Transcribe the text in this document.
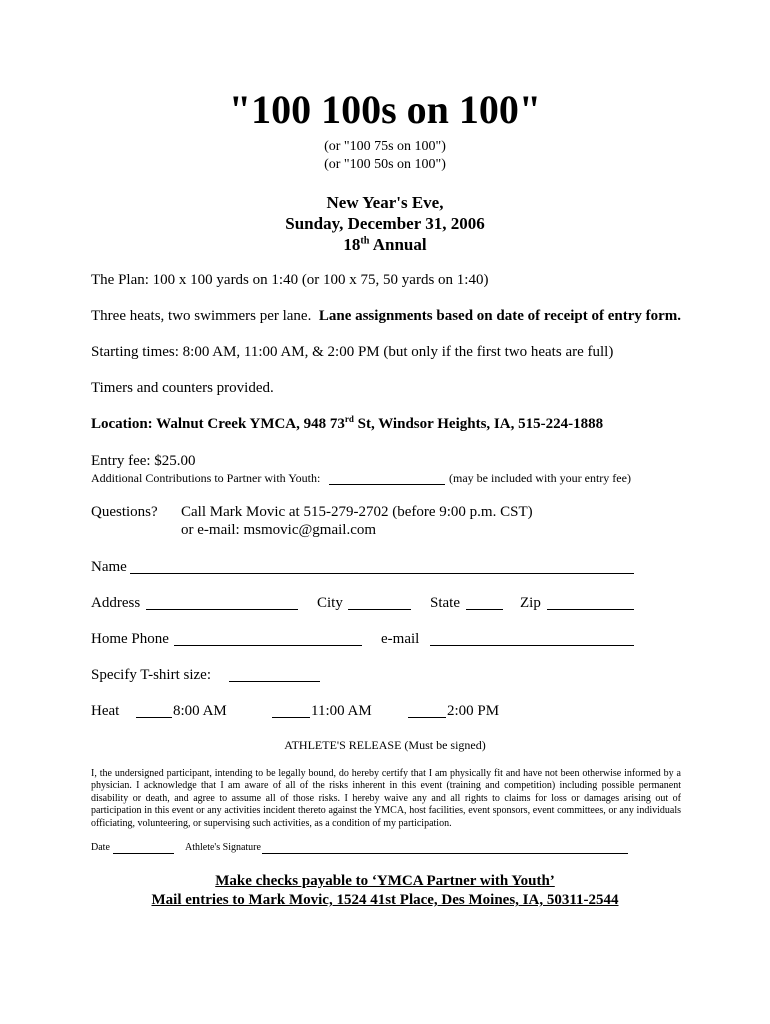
"100 100s on 100"
(or "100 75s on 100")
(or "100 50s on 100")
New Year's Eve,
Sunday, December 31, 2006
18th Annual
The Plan: 100 x 100 yards on 1:40 (or 100 x 75, 50 yards on 1:40)
Three heats, two swimmers per lane. Lane assignments based on date of receipt of entry form.
Starting times: 8:00 AM, 11:00 AM, & 2:00 PM (but only if the first two heats are full)
Timers and counters provided.
Location: Walnut Creek YMCA, 948 73rd St, Windsor Heights, IA, 515-224-1888
Entry fee: $25.00
Additional Contributions to Partner with Youth:	(may be included with your entry fee)
Questions? Call Mark Movic at 515-279-2702 (before 9:00 p.m. CST)
or e-mail: msmovic@gmail.com
Name
Address	City	State	Zip
Home Phone	e-mail
Specify T-shirt size:
Heat	8:00 AM	11:00 AM	2:00 PM
ATHLETE'S RELEASE (Must be signed)
I, the undersigned participant, intending to be legally bound, do hereby certify that I am physically fit and have not been otherwise informed by a physician. I acknowledge that I am aware of all of the risks inherent in this event (training and competition) including possible permanent disability or death, and agree to assume all of those risks. I hereby waive any and all rights to claims for loss or damages arising out of participation in this event or any activities incident thereto against the YMCA, host facilities, event sponsors, event committees, or any individuals officiating, volunteering, or supervising such activities, as a condition of my participation.
Date	Athlete's Signature
Make checks payable to ‘YMCA Partner with Youth’
Mail entries to Mark Movic, 1524 41st Place, Des Moines, IA, 50311-2544
